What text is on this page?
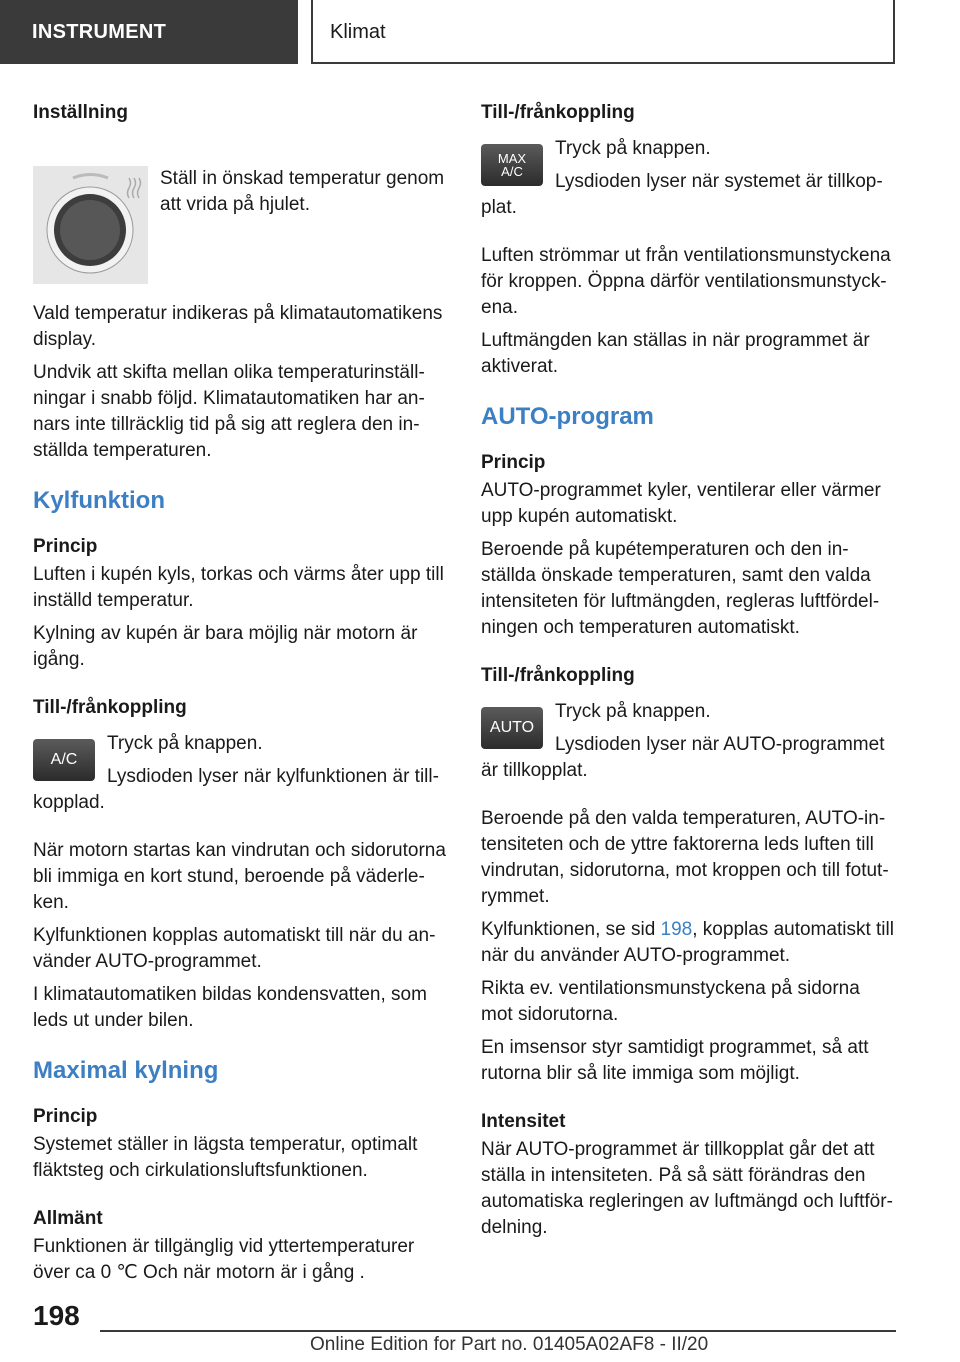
INSTRUMENT	Klimat
Inställning

Ställ in önskad temperatur genom att vrida på hjulet.

Vald temperatur indikeras på klimatautomatikens display.

Undvik att skifta mellan olika temperaturinställningar i snabb följd. Klimatautomatiken har annars inte tillräcklig tid på sig att reglera den inställda temperaturen.

Kylfunktion
Princip

Luften i kupén kyls, torkas och värms åter upp till inställd temperatur.

Kylning av kupén är bara möjlig när motorn är igång.

Till-/frånkoppling
A/C

Tryck på knappen.

Lysdioden lyser när kylfunktionen är tillkopplad.

När motorn startas kan vindrutan och sidorutorna bli immiga en kort stund, beroende på väderleken.

Kylfunktionen kopplas automatiskt till när du använder AUTO-programmet.

I klimatautomatiken bildas kondensvatten, som leds ut under bilen.

Maximal kylning
Princip

Systemet ställer in lägsta temperatur, optimalt fläktsteg och cirkulationsluftsfunktionen.

Allmänt

Funktionen är tillgänglig vid yttertemperaturer över ca 0 ℃ Och när motorn är i gång .

Till-/frånkoppling
MAX
A/C

Tryck på knappen.

Lysdioden lyser när systemet är tillkopplat.

Luften strömmar ut från ventilationsmunstyckena för kroppen. Öppna därför ventilationsmunstyckena.

Luftmängden kan ställas in när programmet är aktiverat.

AUTO-program
Princip

AUTO-programmet kyler, ventilerar eller värmer upp kupén automatiskt.

Beroende på kupétemperaturen och den inställda önskade temperaturen, samt den valda intensiteten för luftmängden, regleras luftfördelningen och temperaturen automatiskt.

Till-/frånkoppling
AUTO

Tryck på knappen.

Lysdioden lyser när AUTO-programmet är tillkopplat.

Beroende på den valda temperaturen, AUTO-intensiteten och de yttre faktorerna leds luften till vindrutan, sidorutorna, mot kroppen och till fotutrymmet.

Kylfunktionen, se sid 198, kopplas automatiskt till när du använder AUTO-programmet.

Rikta ev. ventilationsmunstyckena på sidorna mot sidorutorna.

En imsensor styr samtidigt programmet, så att rutorna blir så lite immiga som möjligt.

Intensitet

När AUTO-programmet är tillkopplat går det att ställa in intensiteten. På så sätt förändras den automatiska regleringen av luftmängd och luftfördelning.

198
Online Edition for Part no. 01405A02AF8 - II/20
